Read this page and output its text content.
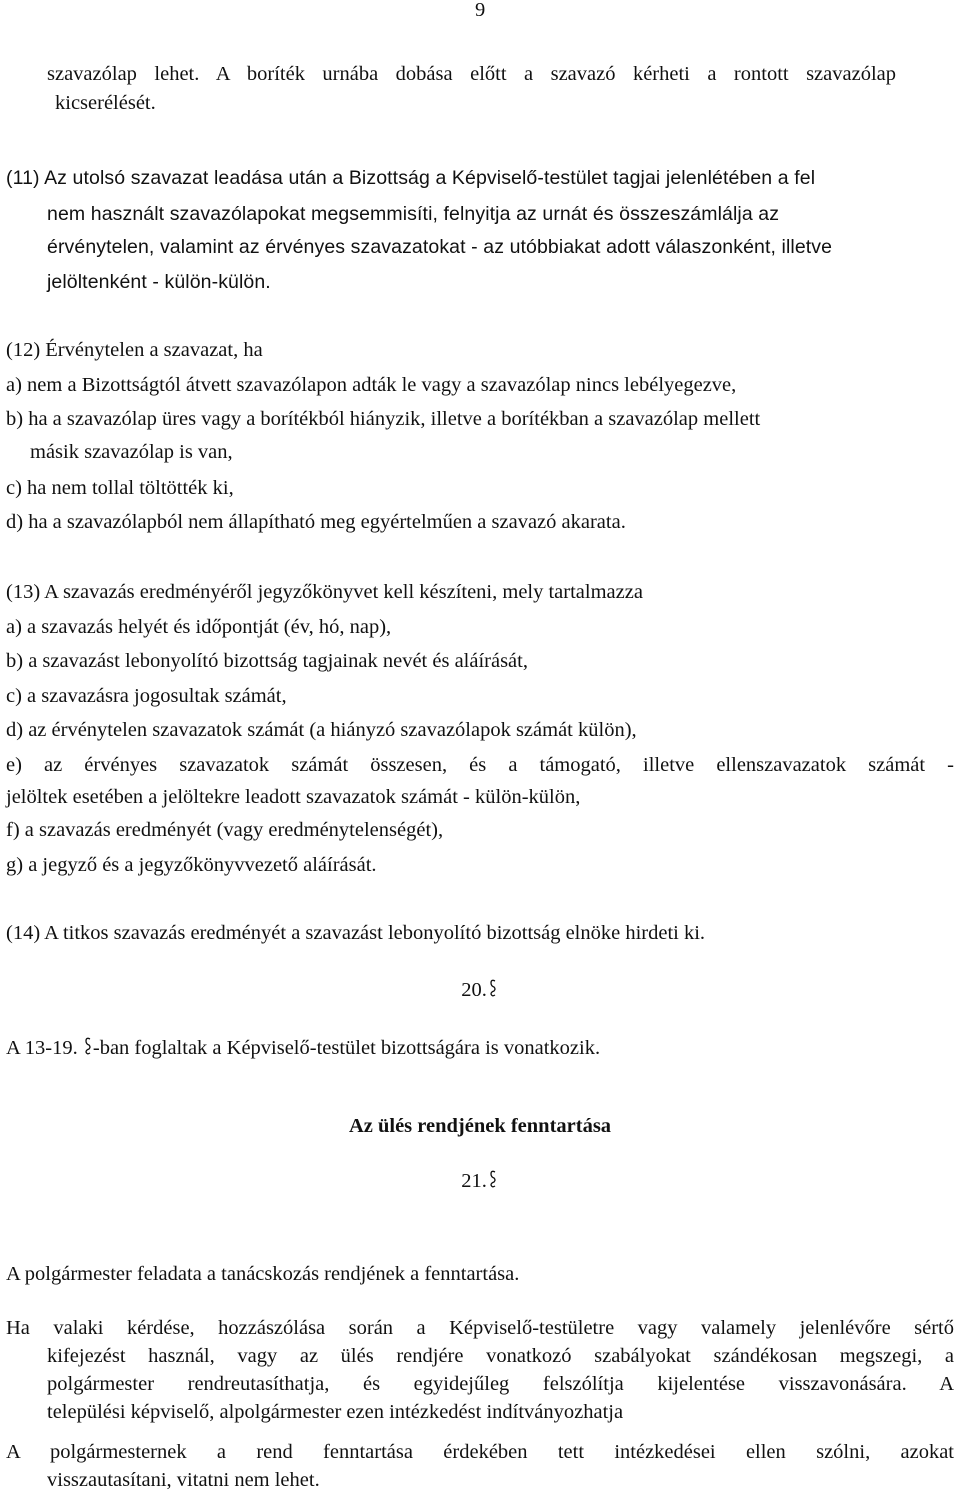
9
szavazólap lehet. A boríték urnába dobása előtt a szavazó kérheti a rontott szavazólap
kicserélését.
(11) Az utolsó szavazat leadása után a Bizottság a Képviselő-testület tagjai jelenlétében a fel
nem használt szavazólapokat megsemmisíti, felnyitja az urnát és összeszámlálja az
érvénytelen, valamint az érvényes szavazatokat - az utóbbiakat adott válaszonként, illetve
jelöltenként - külön-külön.
(12) Érvénytelen a szavazat, ha
a) nem a Bizottságtól átvett szavazólapon adták le vagy a szavazólap nincs lebélyegezve,
b) ha a szavazólap üres vagy a borítékból hiányzik, illetve a borítékban a szavazólap mellett
másik szavazólap is van,
c) ha nem tollal töltötték ki,
d) ha a szavazólapból nem állapítható meg egyértelműen a szavazó akarata.
(13) A szavazás eredményéről jegyzőkönyvet kell készíteni, mely tartalmazza
a) a szavazás helyét és időpontját (év, hó, nap),
b) a szavazást lebonyolító bizottság tagjainak nevét és aláírását,
c) a szavazásra jogosultak számát,
d) az érvénytelen szavazatok számát (a hiányzó szavazólapok számát külön),
e) az érvényes szavazatok számát összesen, és a támogató, illetve ellenszavazatok számát -
jelöltek esetében a jelöltekre leadott szavazatok számát - külön-külön,
f) a szavazás eredményét (vagy eredménytelenségét),
g) a jegyző és a jegyzőkönyvvezető aláírását.
(14) A titkos szavazás eredményét a szavazást lebonyolító bizottság elnöke hirdeti ki.
20.
A 13-19. -ban foglaltak a Képviselő-testület bizottságára is vonatkozik.
Az ülés rendjének fenntartása
21.
A polgármester feladata a tanácskozás rendjének a fenntartása.
Ha valaki kérdése, hozzászólása során a Képviselő-testületre vagy valamely jelenlévőre sértő
kifejezést használ, vagy az ülés rendjére vonatkozó szabályokat szándékosan megszegi, a
polgármester rendreutasíthatja, és egyidejűleg felszólítja kijelentése visszavonására. A
települési képviselő, alpolgármester ezen intézkedést indítványozhatja
A polgármesternek a rend fenntartása érdekében tett intézkedései ellen szólni, azokat
visszautasítani, vitatni nem lehet.
